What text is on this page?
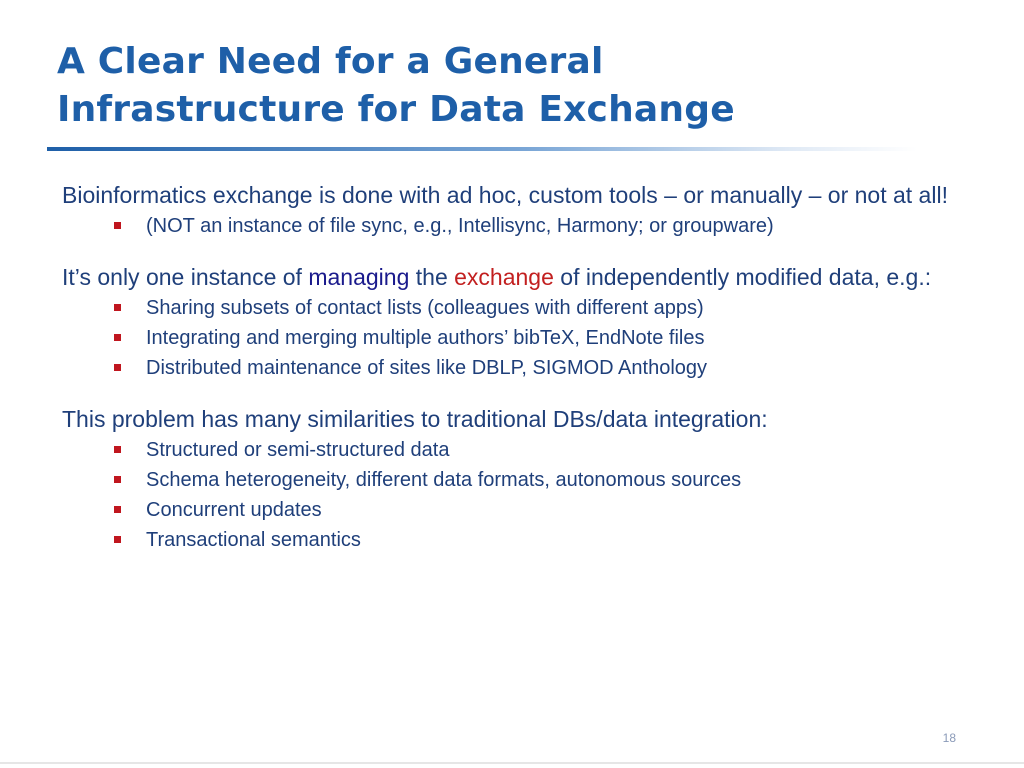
A Clear Need for a General
Infrastructure for Data Exchange

Bioinformatics exchange is done with ad hoc, custom tools – or manually – or not at all!

(NOT an instance of file sync, e.g., Intellisync, Harmony; or groupware)

It’s only one instance of managing the exchange of independently modified data, e.g.:

Sharing subsets of contact lists (colleagues with different apps)
Integrating and merging multiple authors’ bibTeX, EndNote files
Distributed maintenance of sites like DBLP, SIGMOD Anthology

This problem has many similarities to traditional DBs/data integration:

Structured or semi-structured data
Schema heterogeneity, different data formats, autonomous sources
Concurrent updates
Transactional semantics
18
